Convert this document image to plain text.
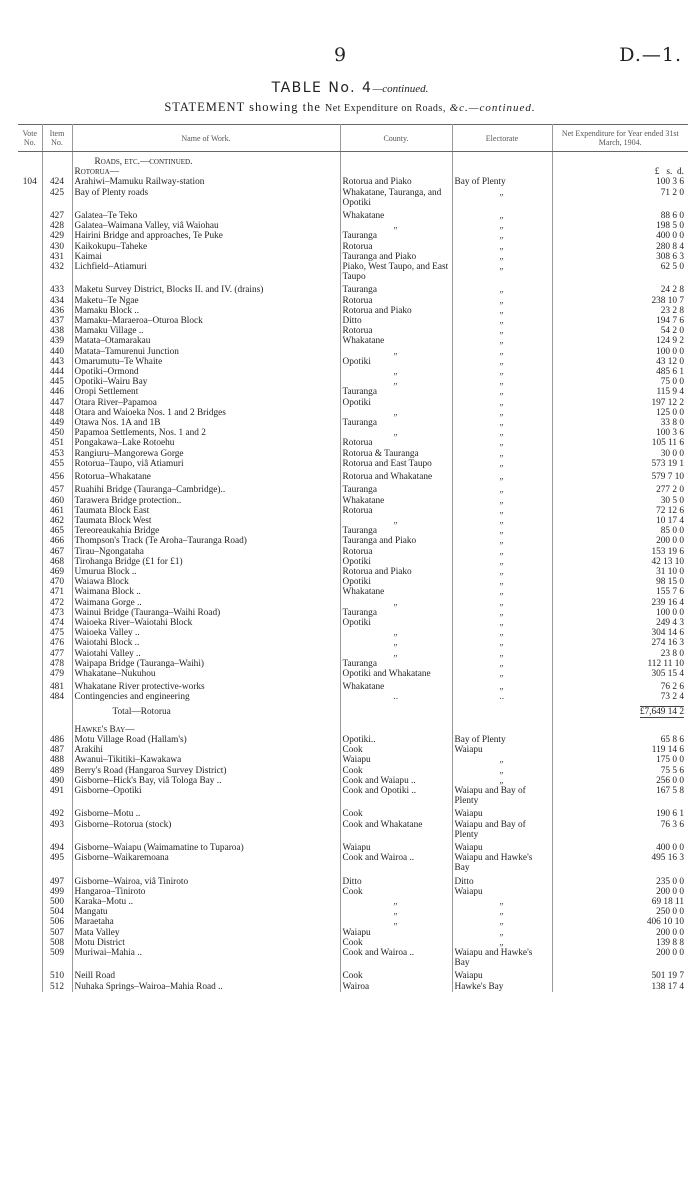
9	D.—1.
TABLE No. 4—continued.
STATEMENT showing the Net Expenditure on Roads, &c.—continued.
Vote No.	Item No.	Name of Work.	County.	Electorate	Net Expenditure for Year ended 31st March, 1904.
		Roads, etc.—continued.			
		Rotorua—			£ s. d.
104	424	Arahiwi–Mamuku Railway-station	Rotorua and Piako	Bay of Plenty	100 3 6
	425	Bay of Plenty roads	Whakatane, Tauranga, and Opotiki	„	71 2 0

	427	Galatea–Te Teko	Whakatane	„	88 6 0
	428	Galatea–Waimana Valley, viâ Waiohau	„	„	198 5 0
	429	Hairini Bridge and approaches, Te Puke	Tauranga	„	400 0 0
	430	Kaikokupu–Taheke	Rotorua	„	280 8 4
	431	Kaimai	Tauranga and Piako	„	308 6 3
	432	Lichfield–Atiamuri	Piako, West Taupo, and East Taupo	„	62 5 0

	433	Maketu Survey District, Blocks II. and IV. (drains)	Tauranga	„	24 2 8
	434	Maketu–Te Ngae	Rotorua	„	238 10 7
	436	Mamaku Block ..	Rotorua and Piako	„	23 2 8
	437	Mamaku–Maraeroa–Oturoa Block	Ditto	„	194 7 6
	438	Mamaku Village ..	Rotorua	„	54 2 0
	439	Matata–Otamarakau	Whakatane	„	124 9 2
	440	Matata–Tamurenui Junction	„	„	100 0 0
	443	Omarumutu–Te Whaite	Opotiki	„	43 12 0
	444	Opotiki–Ormond	„	„	485 6 1
	445	Opotiki–Wairu Bay	„	„	75 0 0
	446	Oropi Settlement	Tauranga	„	115 9 4
	447	Otara River–Papamoa	Opotiki	„	197 12 2
	448	Otara and Waioeka Nos. 1 and 2 Bridges	„	„	125 0 0
	449	Otawa Nos. 1A and 1B	Tauranga	„	33 8 0
	450	Papamoa Settlements, Nos. 1 and 2	„	„	100 3 6
	451	Pongakawa–Lake Rotoehu	Rotorua	„	105 11 6
	453	Rangiuru–Mangorewa Gorge	Rotorua & Tauranga	„	30 0 0
	455	Rotorua–Taupo, viâ Atiamuri	Rotorua and East Taupo	„	573 19 1

	456	Rotorua–Whakatane	Rotorua and Whakatane	„	579 7 10

	457	Ruahihi Bridge (Tauranga–Cambridge)..	Tauranga	„	277 2 0
	460	Tarawera Bridge protection..	Whakatane	„	30 5 0
	461	Taumata Block East	Rotorua	„	72 12 6
	462	Taumata Block West	„	„	10 17 4
	465	Tereoreaukahia Bridge	Tauranga	„	85 0 0
	466	Thompson's Track (Te Aroha–Tauranga Road)	Tauranga and Piako	„	200 0 0
	467	Tirau–Ngongataha	Rotorua	„	153 19 6
	468	Tirohanga Bridge (£1 for £1)	Opotiki	„	42 13 10
	469	Umurua Block ..	Rotorua and Piako	„	31 10 0
	470	Waiawa Block	Opotiki	„	98 15 0
	471	Waimana Block ..	Whakatane	„	155 7 6
	472	Waimana Gorge ..	„	„	239 16 4
	473	Wainui Bridge (Tauranga–Waihi Road)	Tauranga	„	100 0 0
	474	Waioeka River–Waiotahi Block	Opotiki	„	249 4 3
	475	Waioeka Valley ..	„	„	304 14 6
	476	Waiotahi Block ..	„	„	274 16 3
	477	Waiotahi Valley ..	„	„	23 8 0
	478	Waipapa Bridge (Tauranga–Waihi)	Tauranga	„	112 11 10
	479	Whakatane–Nukuhou	Opotiki and Whakatane	„	305 15 4

	481	Whakatane River protective-works	Whakatane	„	76 2 6
	484	Contingencies and engineering	..	..	73 2 4
		Total—Rotorua			£7,649 14 2
		Hawke's Bay—			
	486	Motu Village Road (Hallam's)	Opotiki..	Bay of Plenty	65 8 6
	487	Arakihi	Cook	Waiapu	119 14 6
	488	Awanui–Tikitiki–Kawakawa	Waiapu	„	175 0 0
	489	Berry's Road (Hangaroa Survey District)	Cook	„	75 5 6
	490	Gisborne–Hick's Bay, viâ Tologa Bay ..	Cook and Waiapu ..	„	256 0 0
	491	Gisborne–Opotiki	Cook and Opotiki ..	Waiapu and Bay of Plenty	167 5 8

	492	Gisborne–Motu ..	Cook	Waiapu	190 6 1
	493	Gisborne–Rotorua (stock)	Cook and Whakatane	Waiapu and Bay of Plenty	76 3 6

	494	Gisborne–Waiapu (Waimamatine to Tuparoa)	Waiapu	Waiapu	400 0 0
	495	Gisborne–Waikaremoana	Cook and Wairoa ..	Waiapu and Hawke's Bay	495 16 3

	497	Gisborne–Wairoa, viâ Tiniroto	Ditto	Ditto	235 0 0
	499	Hangaroa–Tiniroto	Cook	Waiapu	200 0 0
	500	Karaka–Motu ..	„	„	69 18 11
	504	Mangatu	„	„	250 0 0
	506	Maraetaha	„	„	406 10 10
	507	Mata Valley	Waiapu	„	200 0 0
	508	Motu District	Cook	„	139 8 8
	509	Muriwai–Mahia ..	Cook and Wairoa ..	Waiapu and Hawke's Bay	200 0 0

	510	Neill Road	Cook	Waiapu	501 19 7
	512	Nuhaka Springs–Wairoa–Mahia Road ..	Wairoa	Hawke's Bay	138 17 4
